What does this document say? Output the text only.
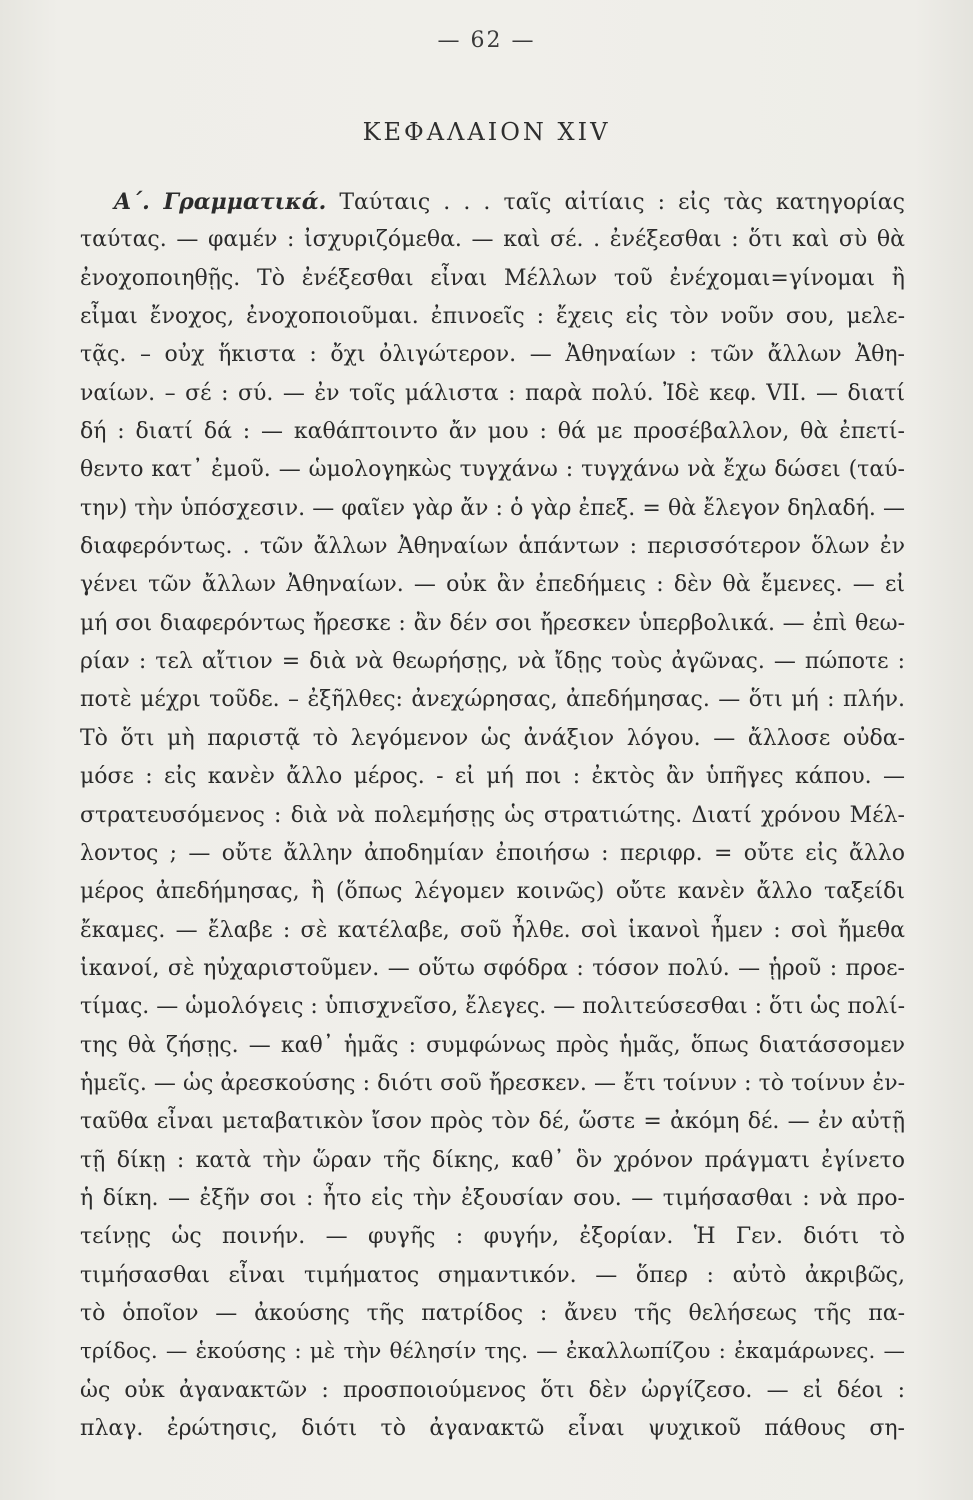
— 62 —
ΚΕΦΑΛΑΙΟΝ XIV
Α΄. Γραμματικά. Ταύταις . . . ταῖς αἰτίαις : εἰς τὰς κατηγορίας
ταύτας. — φαμέν : ἰσχυριζόμεθα. — καὶ σέ. . ἐνέξεσθαι : ὅτι καὶ σὺ θὰ
ἐνοχοποιηθῇς. Τὸ ἐνέξεσθαι εἶναι Μέλλων τοῦ ἐνέχομαι=γίνομαι ἢ
εἶμαι ἔνοχος, ἐνοχοποιοῦμαι. ἐπινοεῖς : ἔχεις εἰς τὸν νοῦν σου, μελε-
τᾷς. – οὐχ ἥκιστα : ὄχι ὀλιγώτερον. — Ἀθηναίων : τῶν ἄλλων Ἀθη-
ναίων. – σέ : σύ. — ἐν τοῖς μάλιστα : παρὰ πολύ. Ἰδὲ κεφ. VII. — διατί
δή : διατί δά : — καθάπτοιντο ἄν μου : θά με προσέβαλλον, θὰ ἐπετί-
θεντο κατ᾽ ἐμοῦ. — ὡμολογηκὼς τυγχάνω : τυγχάνω νὰ ἔχω δώσει (ταύ-
την) τὴν ὑπόσχεσιν. — φαῖεν γὰρ ἄν : ὁ γὰρ ἐπεξ. = θὰ ἔλεγον δηλαδή. —
διαφερόντως. . τῶν ἄλλων Ἀθηναίων ἁπάντων : περισσότερον ὅλων ἐν
γένει τῶν ἄλλων Ἀθηναίων. — οὐκ ἂν ἐπεδήμεις : δὲν θὰ ἔμενες. — εἰ
μή σοι διαφερόντως ἤρεσκε : ἂν δέν σοι ἤρεσκεν ὑπερβολικά. — ἐπὶ θεω-
ρίαν : τελ αἴτιον = διὰ νὰ θεωρήσῃς, νὰ ἴδῃς τοὺς ἀγῶνας. — πώποτε :
ποτὲ μέχρι τοῦδε. – ἐξῆλθες: ἀνεχώρησας, ἀπεδήμησας. — ὅτι μή : πλήν.
Τὸ ὅτι μὴ παριστᾷ τὸ λεγόμενον ὡς ἀνάξιον λόγου. — ἄλλοσε οὐδα-
μόσε : εἰς κανὲν ἄλλο μέρος. - εἰ μή ποι : ἐκτὸς ἂν ὑπῆγες κάπου. —
στρατευσόμενος : διὰ νὰ πολεμήσῃς ὡς στρατιώτης. Διατί χρόνου Μέλ-
λοντος ; — οὔτε ἄλλην ἀποδημίαν ἐποιήσω : περιφρ. = οὔτε εἰς ἄλλο
μέρος ἀπεδήμησας, ἢ (ὅπως λέγομεν κοινῶς) οὔτε κανὲν ἄλλο ταξείδι
ἔκαμες. — ἔλαβε : σὲ κατέλαβε, σοῦ ἦλθε. σοὶ ἱκανοὶ ἦμεν : σοὶ ἤμεθα
ἱκανοί, σὲ ηὐχαριστοῦμεν. — οὕτω σφόδρα : τόσον πολύ. — ᾑροῦ : προε-
τίμας. — ὡμολόγεις : ὑπισχνεῖσο, ἔλεγες. — πολιτεύσεσθαι : ὅτι ὡς πολί-
της θὰ ζήσῃς. — καθ᾽ ἡμᾶς : συμφώνως πρὸς ἡμᾶς, ὅπως διατάσσομεν
ἡμεῖς. — ὡς ἀρεσκούσης : διότι σοῦ ἤρεσκεν. — ἔτι τοίνυν : τὸ τοίνυν ἐν-
ταῦθα εἶναι μεταβατικὸν ἴσον πρὸς τὸν δέ, ὥστε = ἀκόμη δέ. — ἐν αὐτῇ
τῇ δίκῃ : κατὰ τὴν ὥραν τῆς δίκης, καθ᾽ ὃν χρόνον πράγματι ἐγίνετο
ἡ δίκη. — ἐξῆν σοι : ἦτο εἰς τὴν ἐξουσίαν σου. — τιμήσασθαι : νὰ προ-
τείνῃς ὡς ποινήν. — φυγῆς : φυγήν, ἐξορίαν. Ἡ Γεν. διότι τὸ
τιμήσασθαι εἶναι τιμήματος σημαντικόν. — ὅπερ : αὐτὸ ἀκριβῶς,
τὸ ὁποῖον — ἀκούσης τῆς πατρίδος : ἄνευ τῆς θελήσεως τῆς πα-
τρίδος. — ἑκούσης : μὲ τὴν θέλησίν της. — ἐκαλλωπίζου : ἐκαμάρωνες. —
ὡς οὐκ ἀγανακτῶν : προσποιούμενος ὅτι δὲν ὠργίζεσο. — εἰ δέοι :
πλαγ. ἐρώτησις, διότι τὸ ἀγανακτῶ εἶναι ψυχικοῦ πάθους ση-
